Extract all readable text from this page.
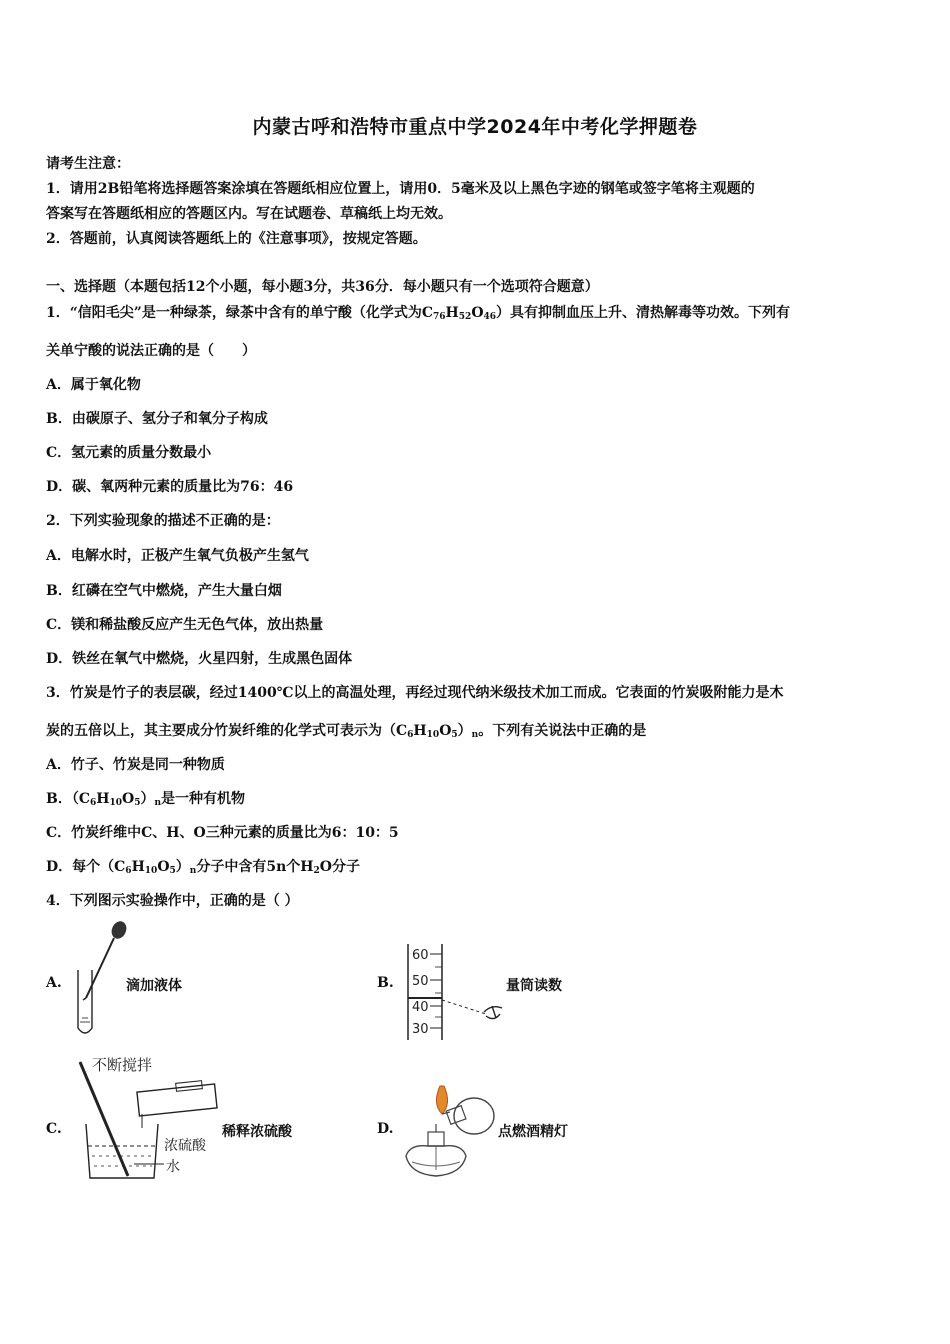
内蒙古呼和浩特市重点中学2024年中考化学押题卷
请考生注意：
1．请用2B铅笔将选择题答案涂填在答题纸相应位置上，请用0．5毫米及以上黑色字迹的钢笔或签字笔将主观题的
答案写在答题纸相应的答题区内。写在试题卷、草稿纸上均无效。
2．答题前，认真阅读答题纸上的《注意事项》，按规定答题。
一、选择题（本题包括12个小题，每小题3分，共36分．每小题只有一个选项符合题意）
1．“信阳毛尖”是一种绿茶，绿茶中含有的单宁酸（化学式为$C_{76}H_{52}O_{46}$）具有抑制血压上升、清热解毒等功效。下列有
关单宁酸的说法正确的是（　　）
A．属于氧化物
B．由碳原子、氢分子和氧分子构成
C．氢元素的质量分数最小
D．碳、氧两种元素的质量比为76：46
2．下列实验现象的描述不正确的是：
A．电解水时，正极产生氧气负极产生氢气
B．红磷在空气中燃烧，产生大量白烟
C．镁和稀盐酸反应产生无色气体，放出热量
D．铁丝在氧气中燃烧，火星四射，生成黑色固体
3．竹炭是竹子的表层碳，经过1400℃以上的高温处理，再经过现代纳米级技术加工而成。它表面的竹炭吸附能力是木
炭的五倍以上，其主要成分竹炭纤维的化学式可表示为$(C_6H_{10}O_5)_n$。下列有关说法中正确的是
A．竹子、竹炭是同一种物质
B．$(C_6H_{10}O_5)_n$是一种有机物
C．竹炭纤维中C、H、O三种元素的质量比为6：10：5
D．每个$(C_6H_{10}O_5)_n$分子中含有5n个$H_2O$分子
4．下列图示实验操作中，正确的是（ ）
A.	滴加液体	B.
60
50
40
30
量筒读数
C.
不断搅拌
浓硫酸
水
稀释浓硫酸	D.	点燃酒精灯
